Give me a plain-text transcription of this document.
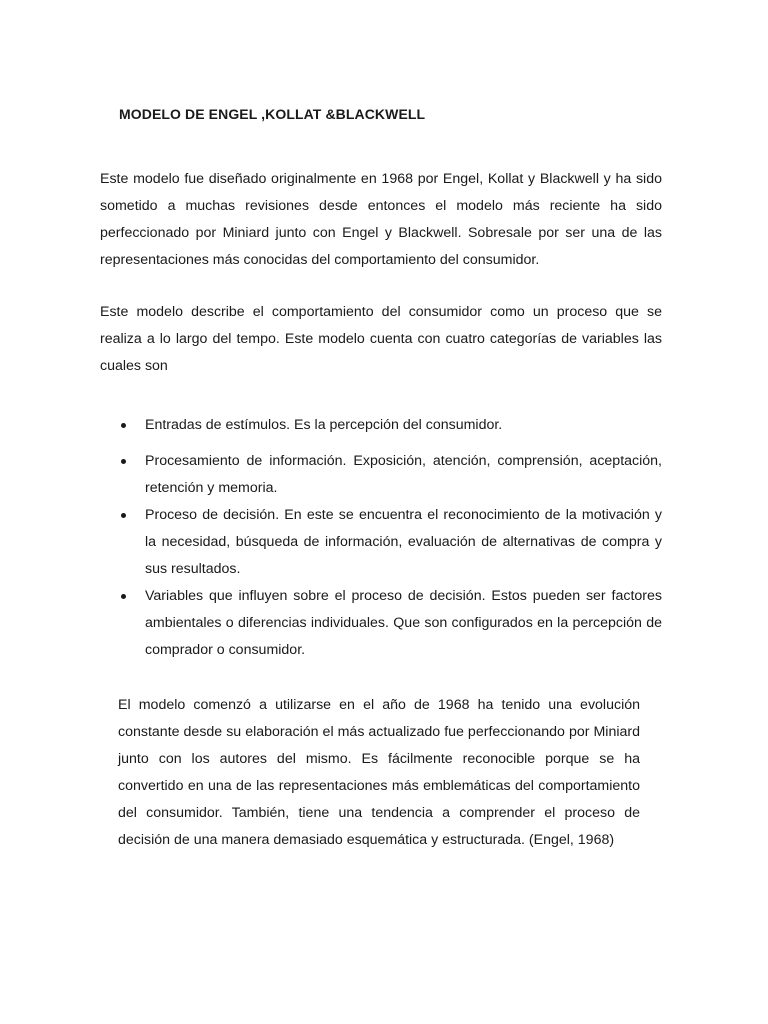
MODELO DE ENGEL ,KOLLAT &BLACKWELL

Este modelo fue diseñado originalmente en 1968 por Engel, Kollat y Blackwell y ha sido sometido a muchas revisiones desde entonces el modelo más reciente ha sido perfeccionado por Miniard junto con Engel y Blackwell. Sobresale por ser una de las representaciones más conocidas del comportamiento del consumidor.

Este modelo describe el comportamiento del consumidor como un proceso que se realiza a lo largo del tempo. Este modelo cuenta con cuatro categorías de variables las cuales son

Entradas de estímulos. Es la percepción del consumidor.
Procesamiento de información. Exposición, atención, comprensión, aceptación, retención y memoria.
Proceso de decisión. En este se encuentra el reconocimiento de la motivación y la necesidad, búsqueda de información, evaluación de alternativas de compra y sus resultados.
Variables que influyen sobre el proceso de decisión. Estos pueden ser factores ambientales o diferencias individuales. Que son configurados en la percepción de comprador o consumidor.

El modelo comenzó a utilizarse en el año de 1968 ha tenido una evolución constante desde su elaboración el más actualizado fue perfeccionando por Miniard junto con los autores del mismo. Es fácilmente reconocible porque se ha convertido en una de las representaciones más emblemáticas del comportamiento del consumidor. También, tiene una tendencia a comprender el proceso de decisión de una manera demasiado esquemática y estructurada. (Engel, 1968)
